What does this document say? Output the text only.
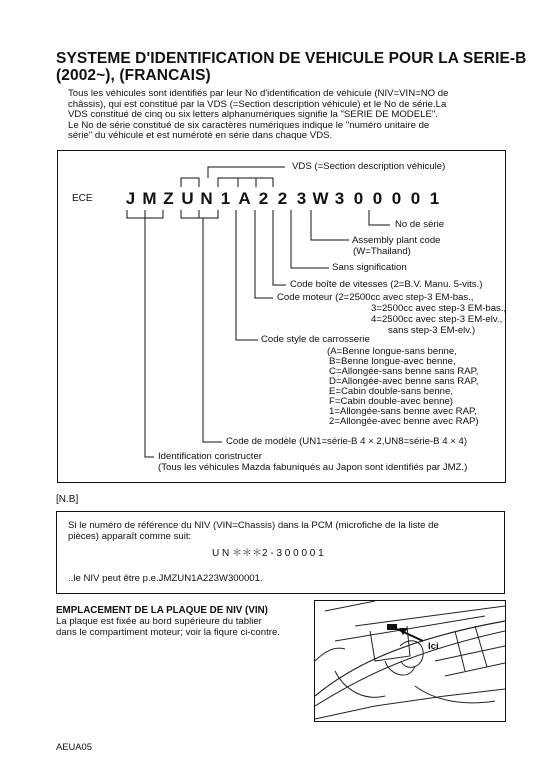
SYSTEME D'IDENTIFICATION DE VEHICULE POUR LA SERIE-B
(2002~), (FRANCAIS)
Tous les véhicules sont identifiés par leur No d'identification de véhicule (NIV=VIN=NO de
châssis), qui est constitué par la VDS (=Section description véhicule) et le No de série.La
VDS constitué de cinq ou six letters alphanumériques signifie la "SERIE DE MODELE".
Le No de série constitué de six caractères numériques indique le "numéro unitaire de
série" du véhicule et est numéroté en série dans chaque VDS.
ECE J M Z U N 1 A 2 2 3 W 3 0 0 0 0 1
VDS (=Section description véhicule)
No de série
Assembly plant code
(W=Thailand)
Sans signification
Code boîte de vitesses (2=B.V. Manu. 5-vits.)
Code moteur (2=2500cc avec step-3 EM-bas.,
3=2500cc avec step-3 EM-bas.,
4=2500cc avec step-3 EM-elv.,
sans step-3 EM-elv.)
Code style de carrosserie
(A=Benne longue-sans benne,
B=Benne longue-avec benne,
C=Allongée-sans benne sans RAP,
D=Allongée-avec benne sans RAP,
E=Cabin double-sans benne,
F=Cabin double-avec benne)
1=Allongée-sans benne avec RAP,
2=Allongée-avec benne avec RAP)
Code de modèle (UN1=série-B 4 × 2,UN8=série-B 4 × 4)
Identification constructer
(Tous les véhicules Mazda fabuniqués au Japon sont identifiés par JMZ.)
[N.B]
Si le numéro de référence du NIV (VIN=Chassis) dans la PCM (microfiche de la liste de
pièces) apparaît comme suit:
U N ＊＊＊2 - 3 0 0 0 0 1
..le NIV peut être p.e.JMZUN1A223W300001.
EMPLACEMENT DE LA PLAQUE DE NIV (VIN)
La plaque est fixée au bord supérieure du tablier
dans le compartiment moteur; voir la fiqure ci-contre.
Ici
AEUA05
